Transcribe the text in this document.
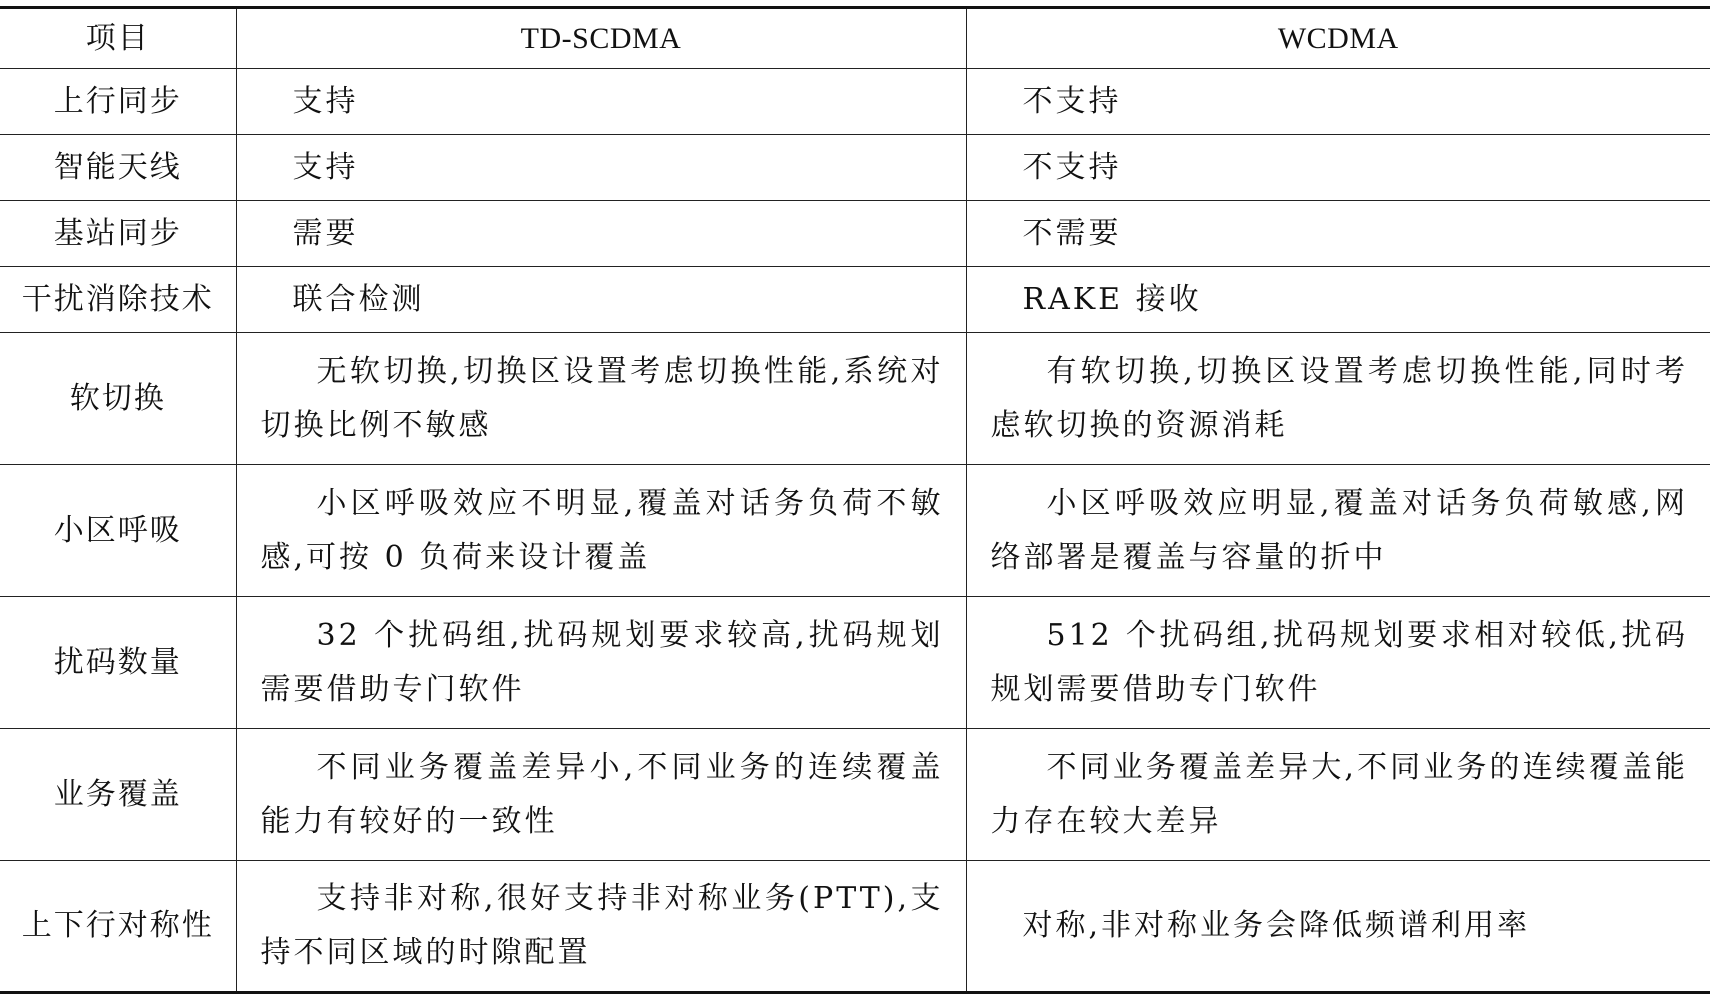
项目	TD-SCDMA	WCDMA
上行同步	支持	不支持
智能天线	支持	不支持
基站同步	需要	不需要
干扰消除技术	联合检测	RAKE 接收
软切换	无软切换,切换区设置考虑切换性能,系统对切换比例不敏感	有软切换,切换区设置考虑切换性能,同时考虑软切换的资源消耗
小区呼吸	小区呼吸效应不明显,覆盖对话务负荷不敏感,可按 0 负荷来设计覆盖	小区呼吸效应明显,覆盖对话务负荷敏感,网络部署是覆盖与容量的折中
扰码数量	32 个扰码组,扰码规划要求较高,扰码规划需要借助专门软件	512 个扰码组,扰码规划要求相对较低,扰码规划需要借助专门软件
业务覆盖	不同业务覆盖差异小,不同业务的连续覆盖能力有较好的一致性	不同业务覆盖差异大,不同业务的连续覆盖能力存在较大差异
上下行对称性	支持非对称,很好支持非对称业务(PTT),支持不同区域的时隙配置	对称,非对称业务会降低频谱利用率
